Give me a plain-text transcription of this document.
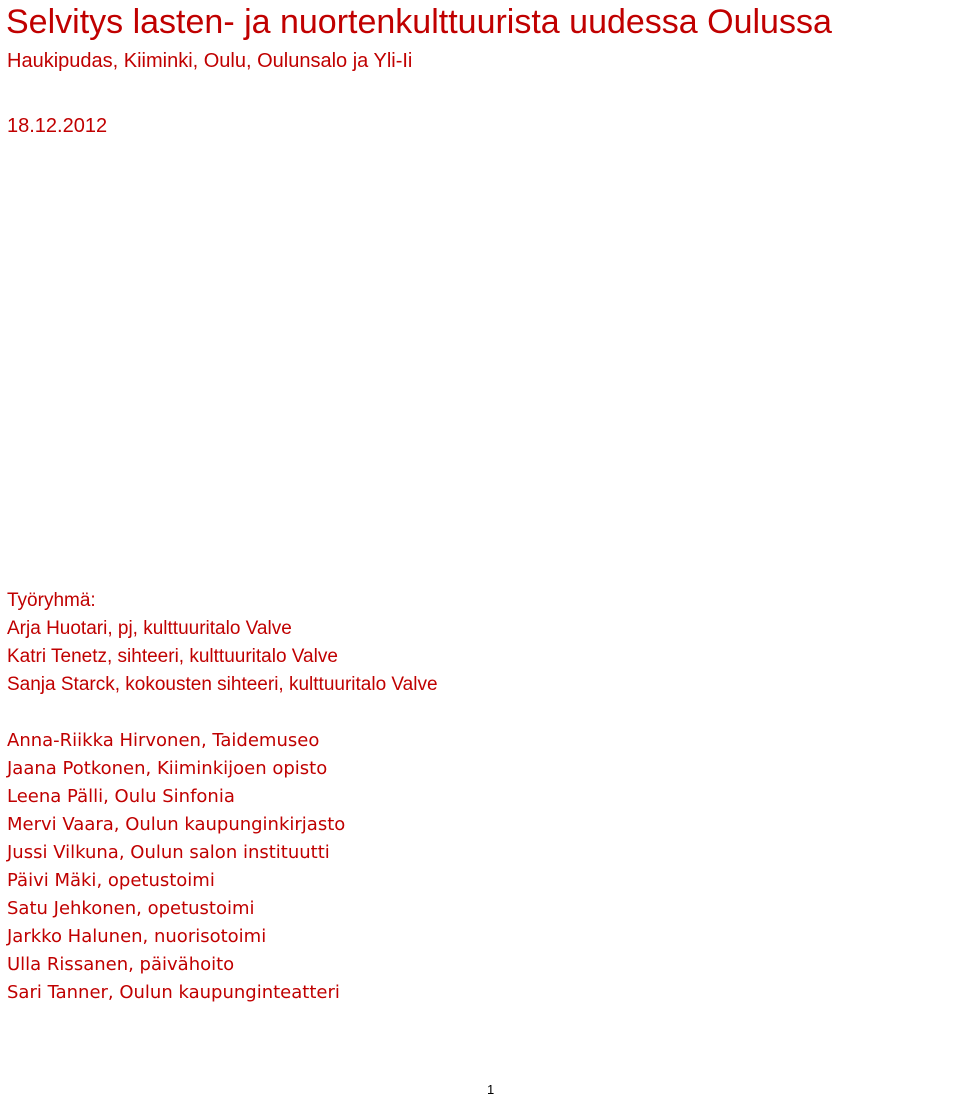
Selvitys lasten- ja nuortenkulttuurista uudessa Oulussa
Haukipudas, Kiiminki, Oulu, Oulunsalo ja Yli-Ii
18.12.2012
Työryhmä:
Arja Huotari, pj, kulttuuritalo Valve
Katri Tenetz, sihteeri, kulttuuritalo Valve
Sanja Starck, kokousten sihteeri, kulttuuritalo Valve
Anna-Riikka Hirvonen, Taidemuseo
Jaana Potkonen, Kiiminkijoen opisto
Leena Pälli, Oulu Sinfonia
Mervi Vaara, Oulun kaupunginkirjasto
Jussi Vilkuna, Oulun salon instituutti
Päivi Mäki, opetustoimi
Satu Jehkonen, opetustoimi
Jarkko Halunen, nuorisotoimi
Ulla Rissanen, päivähoito
Sari Tanner, Oulun kaupunginteatteri
1
